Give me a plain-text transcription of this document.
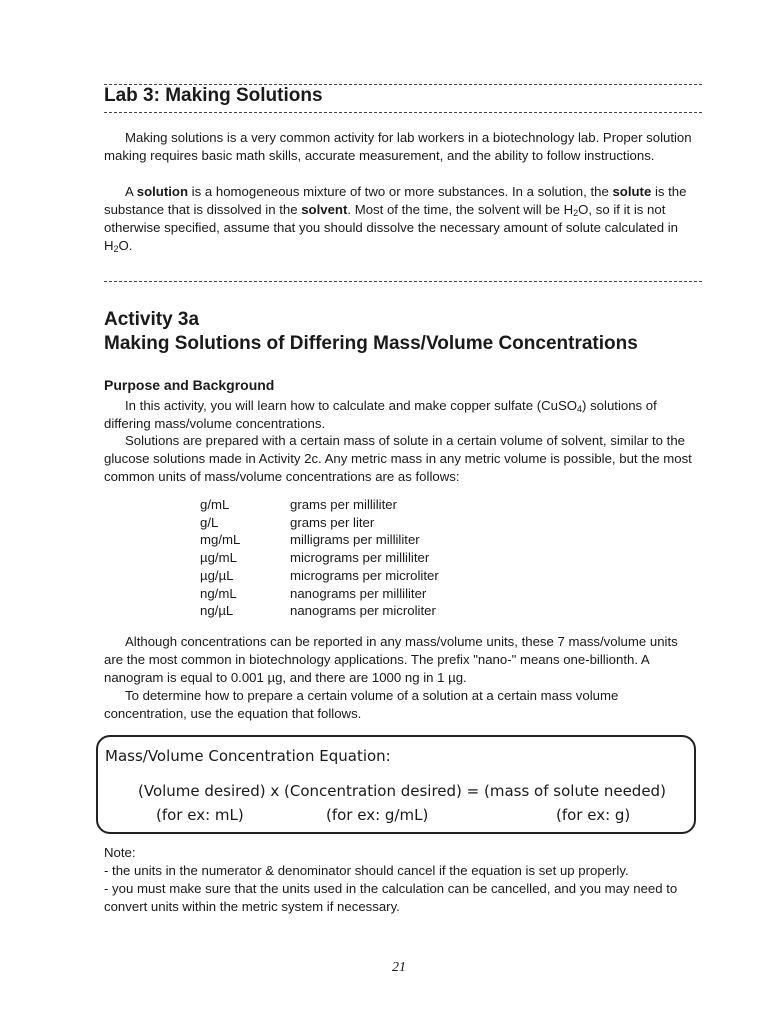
Lab 3: Making Solutions

Making solutions is a very common activity for lab workers in a biotechnology lab. Proper solution making requires basic math skills, accurate measurement, and the ability to follow instructions.

A solution is a homogeneous mixture of two or more substances. In a solution, the solute is the substance that is dissolved in the solvent. Most of the time, the solvent will be $H_2O$, so if it is not otherwise specified, assume that you should dissolve the necessary amount of solute calculated in $H_2O$.

Activity 3a
Making Solutions of Differing Mass/Volume Concentrations
Purpose and Background

In this activity, you will learn how to calculate and make copper sulfate (CuSO$_4$) solutions of differing mass/volume concentrations.

Solutions are prepared with a certain mass of solute in a certain volume of solvent, similar to the glucose solutions made in Activity 2c. Any metric mass in any metric volume is possible, but the most common units of mass/volume concentrations are as follows:

g/mL	grams per milliliter
g/L	grams per liter
mg/mL	milligrams per milliliter
µg/mL	micrograms per milliliter
µg/µL	micrograms per microliter
ng/mL	nanograms per milliliter
ng/µL	nanograms per microliter

Although concentrations can be reported in any mass/volume units, these 7 mass/volume units are the most common in biotechnology applications. The prefix "nano-" means one-billionth. A nanogram is equal to 0.001 µg, and there are 1000 ng in 1 µg.

To determine how to prepare a certain volume of a solution at a certain mass volume concentration, use the equation that follows.

Mass/Volume Concentration Equation:
(Volume desired) x (Concentration desired) = (mass of solute needed)
(for ex: mL)	(for ex: g/mL)	(for ex: g)
Note:
- the units in the numerator & denominator should cancel if the equation is set up properly.
- you must make sure that the units used in the calculation can be cancelled, and you may need to convert units within the metric system if necessary.
21
